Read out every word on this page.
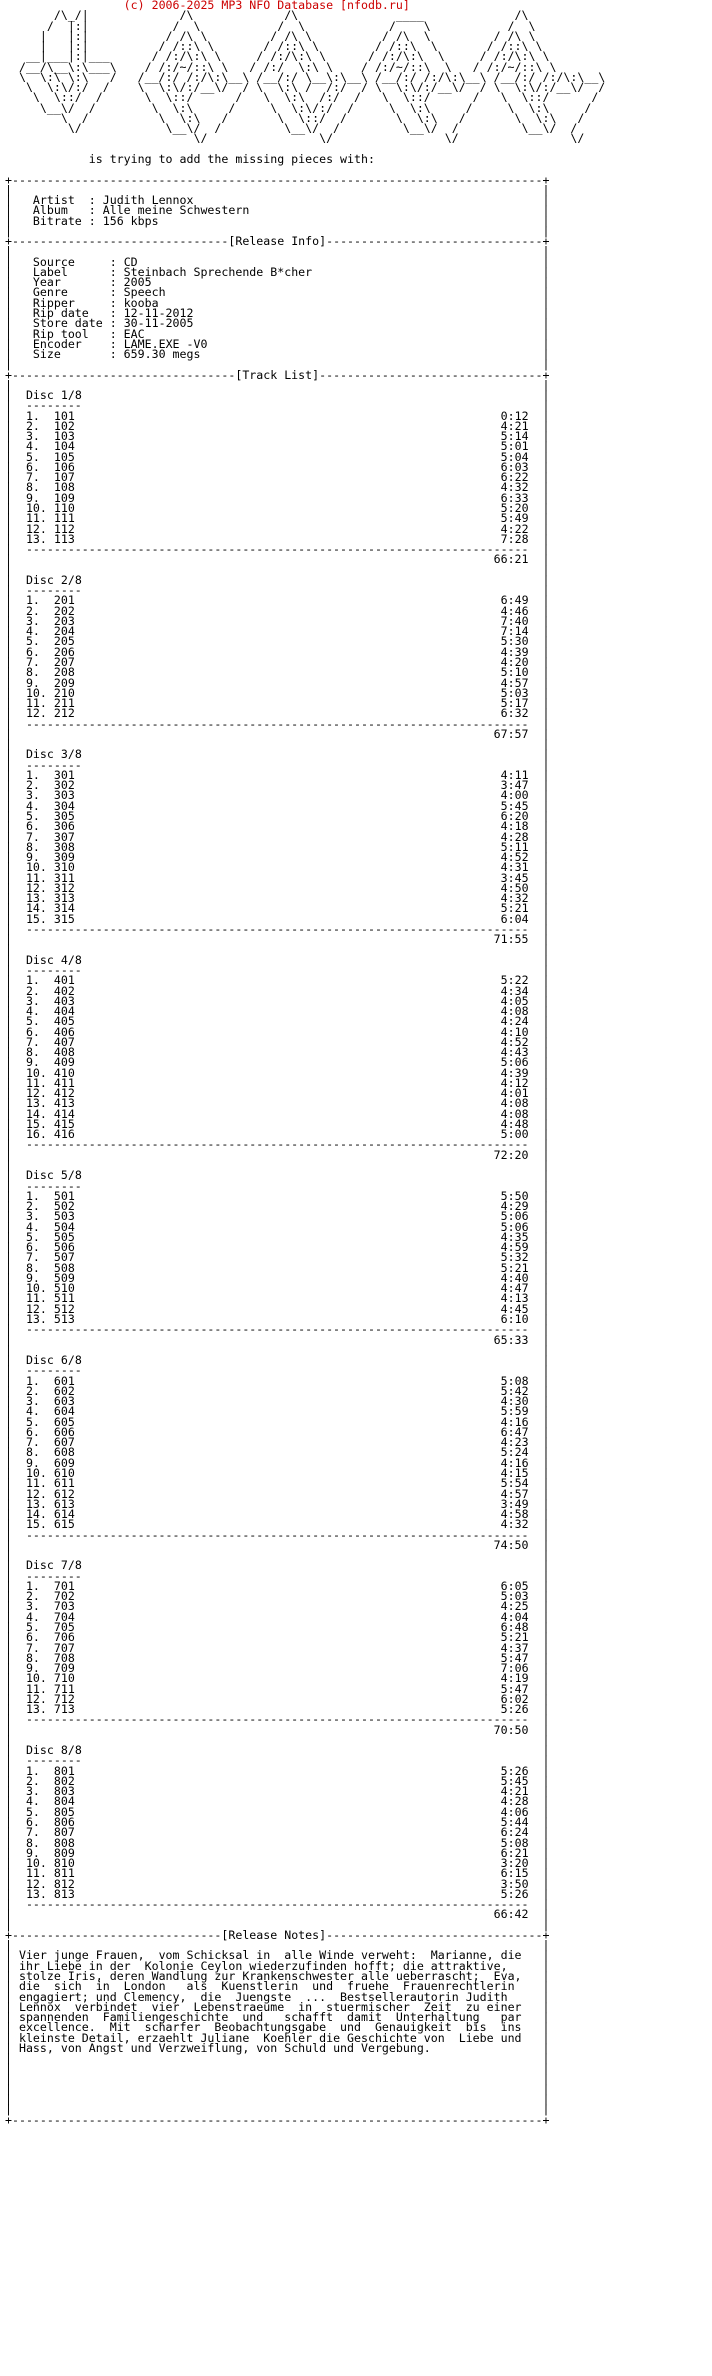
(c) 2006-2025 MP3 NFO Database [nfodb.ru]
/\_/|             /\             /\              ____             /\
/  |:|            /  \           /  \            /    \           /  \
|   |:|           / /\ \         / /\ \          / /\  \         / /\ \
|   |:|          / /::\ \       / /::\ \        / /::\  \       / /::\ \
__|___|:|___      / /:/\:\ \     / /:/\:\ \      / /:/\:\  \     / /:/\:\ \
/__/\__\:\___\    / /:/~/::\ \   / /:/  \:\ \    / /:/~/::\  \   / /:/~/::\ \
\  \:\ \:\   /   /__/:/ /:/\:\__\ /__/:/ \__\:\__\ /__/:/ /:/\:\__\ /__/:/ /:/\:\__\
\  \:\/:/  /    \  \:\/:/__\/  / \  \:\ /  /:/  / \  \:\/:/__\/  / \  \:\/:/__\/  /
\  \::/  /      \  \::/      /   \  \:\  /:/  /   \  \::/      /   \  \::/      /
\__\/  /        \  \:\     /     \  \:\/:/  /     \  \:\     /     \  \:\     /
\  /          \  \:\   /       \  \::/  /       \  \:\   /       \  \:\   /
\/            \__\/  /         \__\/  /         \__\/  /         \__\/  /
\/                \/                \/                \/
is trying to add the missing pieces with:
+----------------------------------------------------------------------------+
|                                                                            |
|   Artist  : Judith Lennox                                                  |
|   Album   : Alle meine Schwestern                                          |
|   Bitrate : 156 kbps                                                       |
|                                                                            |
+-------------------------------[Release Info]-------------------------------+
|                                                                            |
|   Source     : CD                                                          |
|   Label      : Steinbach Sprechende B*cher                                 |
|   Year       : 2005                                                        |
|   Genre      : Speech                                                      |
|   Ripper     : kooba                                                       |
|   Rip date   : 12-11-2012                                                  |
|   Store date : 30-11-2005                                                  |
|   Rip tool   : EAC                                                         |
|   Encoder    : LAME.EXE -V0                                                |
|   Size       : 659.30 megs                                                 |
|                                                                            |
+--------------------------------[Track List]--------------------------------+
|                                                                            |
|  Disc 1/8                                                                  |
|  --------                                                                  |
|  1.  101	0:12  |
|  2.  102	4:21  |
|  3.  103	5:14  |
|  4.  104	5:01  |
|  5.  105	5:04  |
|  6.  106	6:03  |
|  7.  107	6:22  |
|  8.  108	4:32  |
|  9.  109	6:33  |
|  10. 110	5:20  |
|  11. 111	5:49  |
|  12. 112	4:22  |
|  13. 113	7:28  |
|  ------------------------------------------------------------------------  |
|                                                                     66:21  |
|                                                                            |
|  Disc 2/8                                                                  |
|  --------                                                                  |
|  1.  201	6:49  |
|  2.  202	4:46  |
|  3.  203	7:40  |
|  4.  204	7:14  |
|  5.  205	5:30  |
|  6.  206	4:39  |
|  7.  207	4:20  |
|  8.  208	5:10  |
|  9.  209	4:57  |
|  10. 210	5:03  |
|  11. 211	5:17  |
|  12. 212	6:32  |
|  ------------------------------------------------------------------------  |
|                                                                     67:57  |
|                                                                            |
|  Disc 3/8                                                                  |
|  --------                                                                  |
|  1.  301	4:11  |
|  2.  302	3:47  |
|  3.  303	4:00  |
|  4.  304	5:45  |
|  5.  305	6:20  |
|  6.  306	4:18  |
|  7.  307	4:28  |
|  8.  308	5:11  |
|  9.  309	4:52  |
|  10. 310	4:31  |
|  11. 311	3:45  |
|  12. 312	4:50  |
|  13. 313	4:32  |
|  14. 314	5:21  |
|  15. 315	6:04  |
|  ------------------------------------------------------------------------  |
|                                                                     71:55  |
|                                                                            |
|  Disc 4/8                                                                  |
|  --------                                                                  |
|  1.  401	5:22  |
|  2.  402	4:34  |
|  3.  403	4:05  |
|  4.  404	4:08  |
|  5.  405	4:24  |
|  6.  406	4:10  |
|  7.  407	4:52  |
|  8.  408	4:43  |
|  9.  409	5:06  |
|  10. 410	4:39  |
|  11. 411	4:12  |
|  12. 412	4:01  |
|  13. 413	4:08  |
|  14. 414	4:08  |
|  15. 415	4:48  |
|  16. 416	5:00  |
|  ------------------------------------------------------------------------  |
|                                                                     72:20  |
|                                                                            |
|  Disc 5/8                                                                  |
|  --------                                                                  |
|  1.  501	5:50  |
|  2.  502	4:29  |
|  3.  503	5:06  |
|  4.  504	5:06  |
|  5.  505	4:35  |
|  6.  506	4:59  |
|  7.  507	5:32  |
|  8.  508	5:21  |
|  9.  509	4:40  |
|  10. 510	4:47  |
|  11. 511	4:13  |
|  12. 512	4:45  |
|  13. 513	6:10  |
|  ------------------------------------------------------------------------  |
|                                                                     65:33  |
|                                                                            |
|  Disc 6/8                                                                  |
|  --------                                                                  |
|  1.  601	5:08  |
|  2.  602	5:42  |
|  3.  603	4:30  |
|  4.  604	5:59  |
|  5.  605	4:16  |
|  6.  606	6:47  |
|  7.  607	4:23  |
|  8.  608	5:24  |
|  9.  609	4:16  |
|  10. 610	4:15  |
|  11. 611	5:54  |
|  12. 612	4:57  |
|  13. 613	3:49  |
|  14. 614	4:58  |
|  15. 615	4:32  |
|  ------------------------------------------------------------------------  |
|                                                                     74:50  |
|                                                                            |
|  Disc 7/8                                                                  |
|  --------                                                                  |
|  1.  701	6:05  |
|  2.  702	5:03  |
|  3.  703	4:25  |
|  4.  704	4:04  |
|  5.  705	6:48  |
|  6.  706	5:21  |
|  7.  707	4:37  |
|  8.  708	5:47  |
|  9.  709	7:06  |
|  10. 710	4:19  |
|  11. 711	5:47  |
|  12. 712	6:02  |
|  13. 713	5:26  |
|  ------------------------------------------------------------------------  |
|                                                                     70:50  |
|                                                                            |
|  Disc 8/8                                                                  |
|  --------                                                                  |
|  1.  801	5:26  |
|  2.  802	5:45  |
|  3.  803	4:21  |
|  4.  804	4:28  |
|  5.  805	4:06  |
|  6.  806	5:44  |
|  7.  807	6:24  |
|  8.  808	5:08  |
|  9.  809	6:21  |
|  10. 810	3:20  |
|  11. 811	6:15  |
|  12. 812	3:50  |
|  13. 813	5:26  |
|  ------------------------------------------------------------------------  |
|                                                                     66:42  |
|                                                                            |
+------------------------------[Release Notes]-------------------------------+
|                                                                            |
| Vier junge Frauen,  vom Schicksal in  alle Winde verweht:  Marianne, die   |
| ihr Liebe in der  Kolonie Ceylon wiederzufinden hofft; die attraktive,     |
| stolze Iris, deren Wandlung zur Krankenschwester alle ueberrascht;  Eva,   |
| die  sich  in  London   als  Kuenstlerin  und  fruehe  Frauenrechtlerin    |
| engagiert; und Clemency,  die  Juengste  ...  Bestsellerautorin Judith     |
| Lennox  verbindet  vier  Lebenstraeume  in  stuermischer  Zeit  zu einer   |
| spannenden  Familiengeschichte  und   schafft  damit  Unterhaltung   par   |
| excellence.  Mit  scharfer  Beobachtungsgabe  und  Genauigkeit  bis  ins   |
| kleinste Detail, erzaehlt Juliane  Koehler die Geschichte von  Liebe und   |
| Hass, von Angst und Verzweiflung, von Schuld und Vergebung.                |
|                                                                            |
|                                                                            |
|                                                                            |
|                                                                            |
|                                                                            |
|                                                                            |
+----------------------------------------------------------------------------+
